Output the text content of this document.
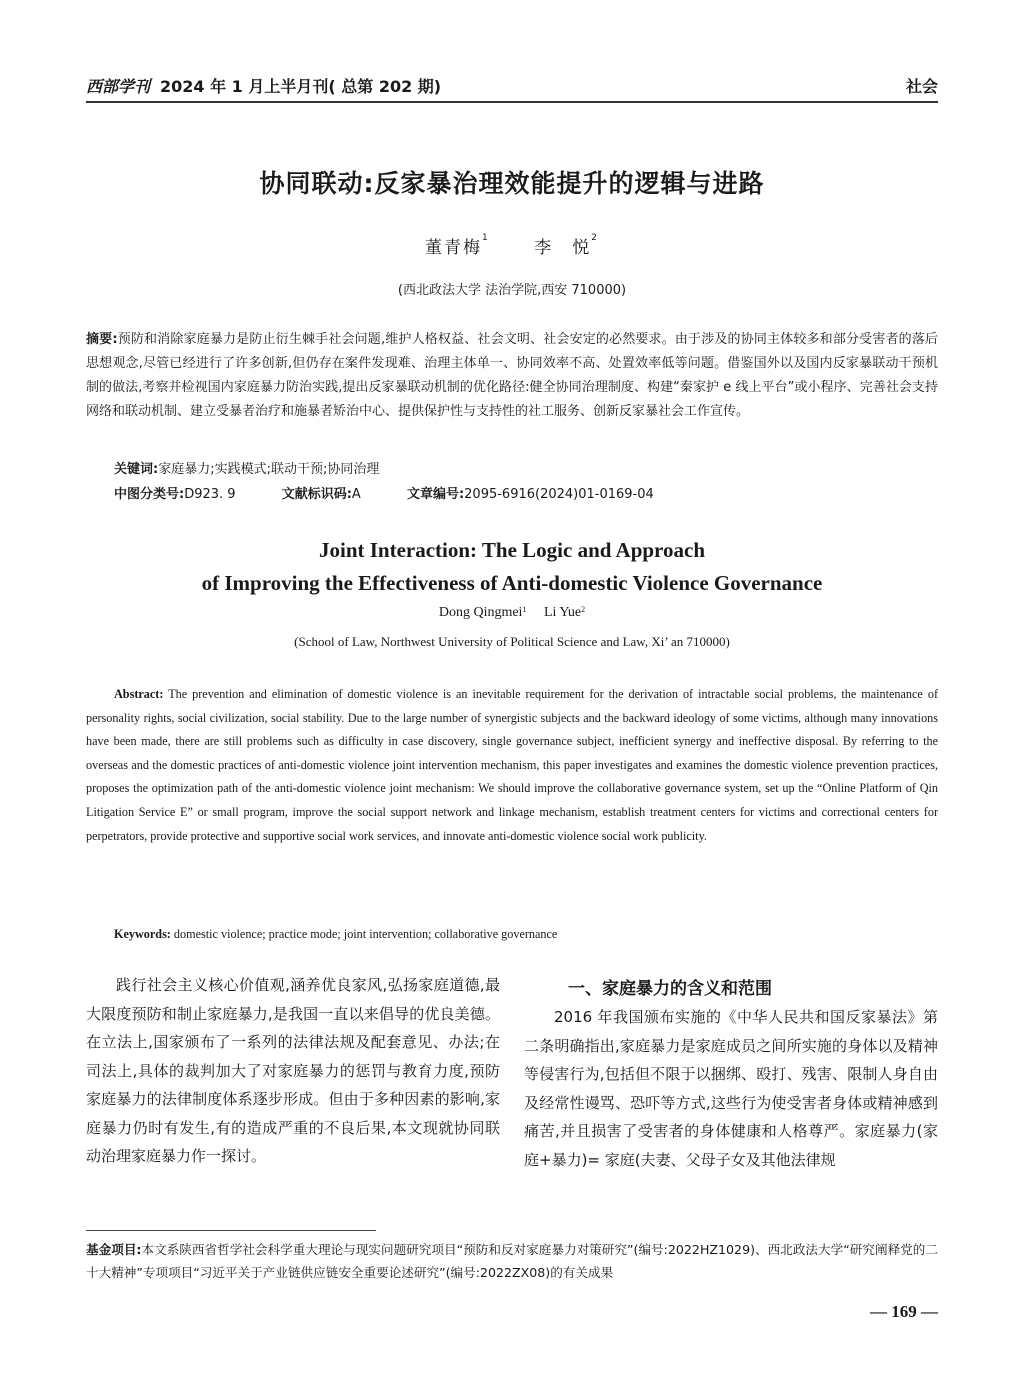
西部学刊 2024 年 1 月上半月刊( 总第 202 期)	社会
协同联动:反家暴治理效能提升的逻辑与进路
董青梅$^1$	李　悦$^2$
(西北政法大学 法治学院,西安 710000)
摘要:预防和消除家庭暴力是防止衍生棘手社会问题,维护人格权益、社会文明、社会安定的必然要求。由于涉及的协同主体较多和部分受害者的落后思想观念,尽管已经进行了许多创新,但仍存在案件发现难、治理主体单一、协同效率不高、处置效率低等问题。借鉴国外以及国内反家暴联动干预机制的做法,考察并检视国内家庭暴力防治实践,提出反家暴联动机制的优化路径:健全协同治理制度、构建“秦家护 e 线上平台”或小程序、完善社会支持网络和联动机制、建立受暴者治疗和施暴者矫治中心、提供保护性与支持性的社工服务、创新反家暴社会工作宣传。
关键词:家庭暴力;实践模式;联动干预;协同治理
中图分类号:D923. 9	文献标识码:A	文章编号:2095-6916(2024)01-0169-04
Joint Interaction: The Logic and Approach
of Improving the Effectiveness of Anti-domestic Violence Governance
Dong Qingmei$^1$ Li Yue$^2$
(School of Law, Northwest University of Political Science and Law, Xi’ an 710000)
Abstract: The prevention and elimination of domestic violence is an inevitable requirement for the derivation of intractable social problems, the maintenance of personality rights, social civilization, social stability. Due to the large number of synergistic subjects and the backward ideology of some victims, although many innovations have been made, there are still problems such as difficulty in case discovery, single governance subject, inefficient synergy and ineffective disposal. By referring to the overseas and the domestic practices of anti-domestic violence joint intervention mechanism, this paper investigates and examines the domestic violence prevention practices, proposes the optimization path of the anti-domestic violence joint mechanism: We should improve the collaborative governance system, set up the “Online Platform of Qin Litigation Service E” or small program, improve the social support network and linkage mechanism, establish treatment centers for victims and correctional centers for perpetrators, provide protective and supportive social work services, and innovate anti-domestic violence social work publicity.
Keywords: domestic violence; practice mode; joint intervention; collaborative governance
践行社会主义核心价值观,涵养优良家风,弘扬家庭道德,最大限度预防和制止家庭暴力,是我国一直以来倡导的优良美德。在立法上,国家颁布了一系列的法律法规及配套意见、办法;在司法上,具体的裁判加大了对家庭暴力的惩罚与教育力度,预防家庭暴力的法律制度体系逐步形成。但由于多种因素的影响,家庭暴力仍时有发生,有的造成严重的不良后果,本文现就协同联动治理家庭暴力作一探讨。
一、家庭暴力的含义和范围
2016 年我国颁布实施的《中华人民共和国反家暴法》第二条明确指出,家庭暴力是家庭成员之间所实施的身体以及精神等侵害行为,包括但不限于以捆绑、殴打、残害、限制人身自由及经常性谩骂、恐吓等方式,这些行为使受害者身体或精神感到痛苦,并且损害了受害者的身体健康和人格尊严。家庭暴力(家庭+暴力)= 家庭(夫妻、父母子女及其他法律规
基金项目:本文系陕西省哲学社会科学重大理论与现实问题研究项目“预防和反对家庭暴力对策研究”(编号:2022HZ1029)、西北政法大学“研究阐释党的二十大精神”专项项目“习近平关于产业链供应链安全重要论述研究”(编号:2022ZX08)的有关成果
— 169 —
